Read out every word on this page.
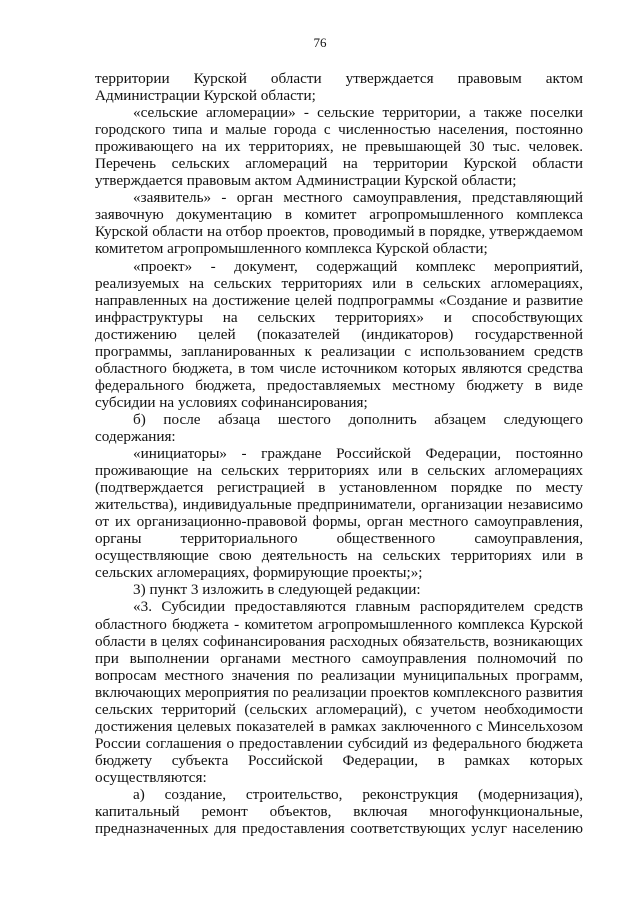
76

территории Курской области утверждается правовым актом Администрации Курской области;

«сельские агломерации» - сельские территории, а также поселки городского типа и малые города с численностью населения, постоянно проживающего на их территориях, не превышающей 30 тыс. человек. Перечень сельских агломераций на территории Курской области утверждается правовым актом Администрации Курской области;

«заявитель» - орган местного самоуправления, представляющий заявочную документацию в комитет агропромышленного комплекса Курской области на отбор проектов, проводимый в порядке, утверждаемом комитетом агропромышленного комплекса Курской области;

«проект» - документ, содержащий комплекс мероприятий, реализуемых на сельских территориях или в сельских агломерациях, направленных на достижение целей подпрограммы «Создание и развитие инфраструктуры на сельских территориях» и способствующих достижению целей (показателей (индикаторов) государственной программы, запланированных к реализации с использованием средств областного бюджета, в том числе источником которых являются средства федерального бюджета, предоставляемых местному бюджету в виде субсидии на условиях софинансирования;

б) после абзаца шестого дополнить абзацем следующего содержания:

«инициаторы» - граждане Российской Федерации, постоянно проживающие на сельских территориях или в сельских агломерациях (подтверждается регистрацией в установленном порядке по месту жительства), индивидуальные предприниматели, организации независимо от их организационно-правовой формы, орган местного самоуправления, органы территориального общественного самоуправления, осуществляющие свою деятельность на сельских территориях или в сельских агломерациях, формирующие проекты;»;

3) пункт 3 изложить в следующей редакции:

«3. Субсидии предоставляются главным распорядителем средств областного бюджета - комитетом агропромышленного комплекса Курской области в целях софинансирования расходных обязательств, возникающих при выполнении органами местного самоуправления полномочий по вопросам местного значения по реализации муниципальных программ, включающих мероприятия по реализации проектов комплексного развития сельских территорий (сельских агломераций), с учетом необходимости достижения целевых показателей в рамках заключенного с Минсельхозом России соглашения о предоставлении субсидий из федерального бюджета бюджету субъекта Российской Федерации, в рамках которых осуществляются:

а) создание, строительство, реконструкция (модернизация), капитальный ремонт объектов, включая многофункциональные, предназначенных для предоставления соответствующих услуг населению
